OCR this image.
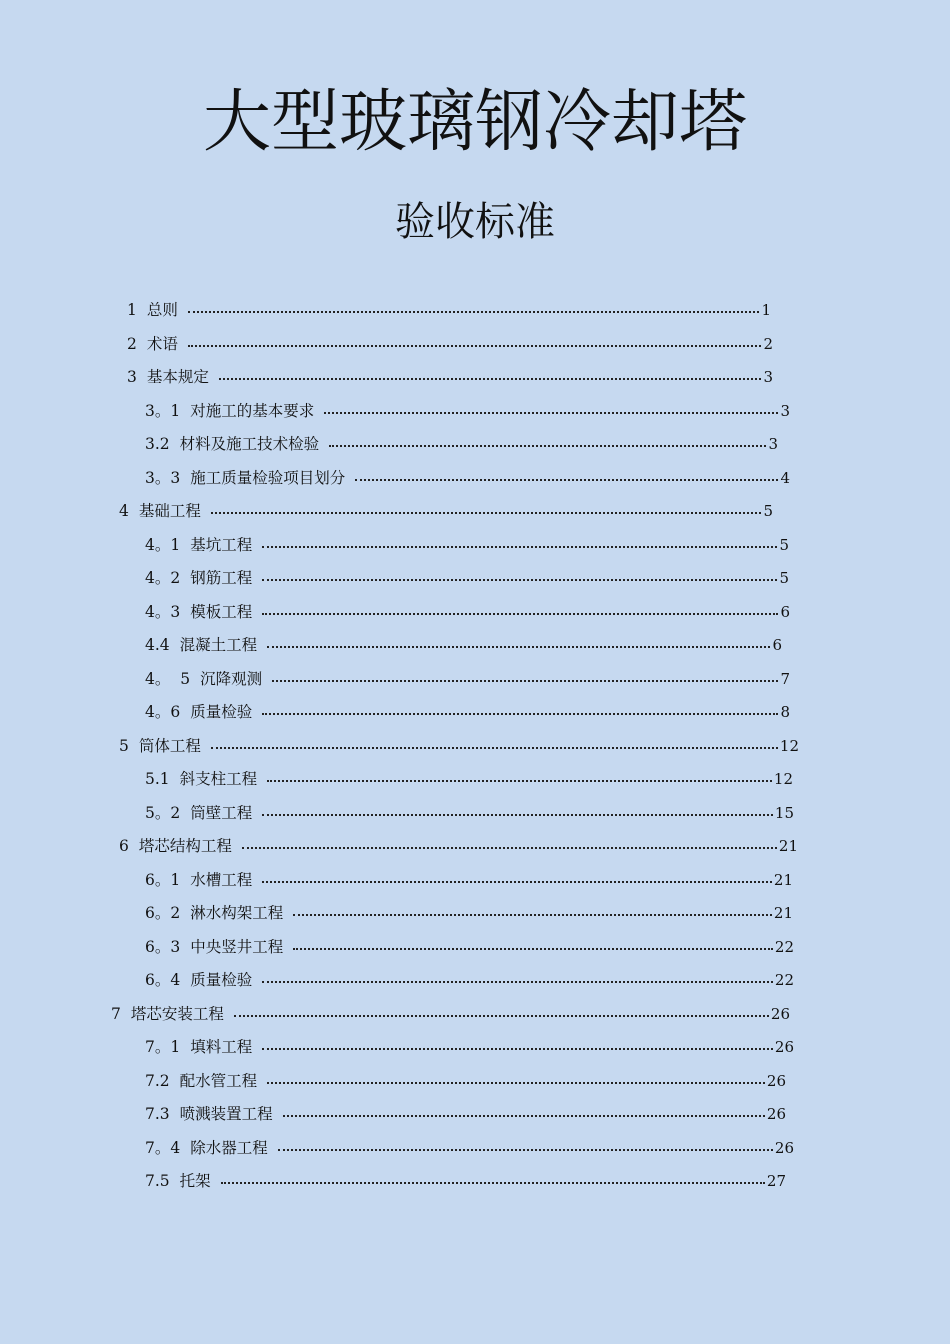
大型玻璃钢冷却塔
验收标准
1 总则	1
2 术语	2
3 基本规定	3
3。1 对施工的基本要求	3
3.2 材料及施工技术检验	3
3。3 施工质量检验项目划分	4
4 基础工程	5
4。1 基坑工程	5
4。2 钢筋工程	5
4。3 模板工程	6
4.4 混凝土工程	6
4。  5 沉降观测	7
4。6 质量检验	8
5 筒体工程	12
5.1 斜支柱工程	12
5。2 筒壁工程	15
6 塔芯结构工程	21
6。1 水槽工程	21
6。2 淋水构架工程	21
6。3 中央竖井工程	22
6。4 质量检验	22
7 塔芯安装工程	26
7。1 填料工程	26
7.2 配水管工程	26
7.3 喷溅装置工程	26
7。4 除水器工程	26
7.5 托架	27
